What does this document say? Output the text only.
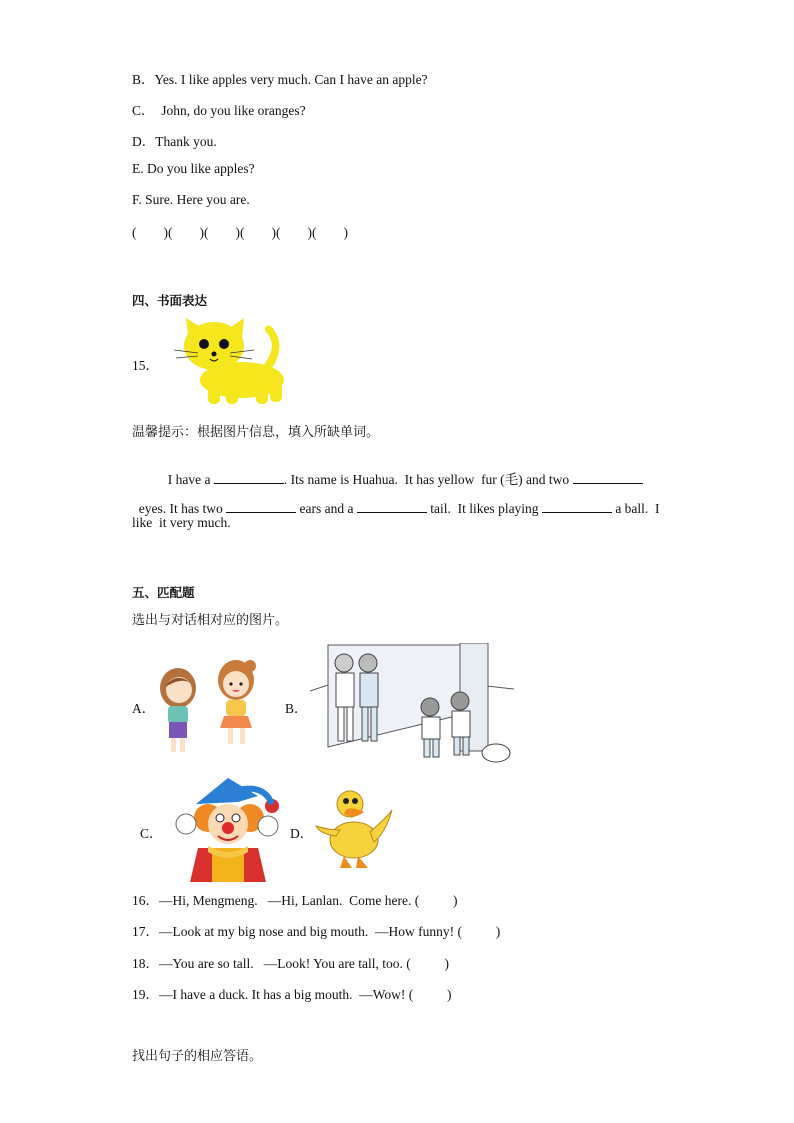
B．Yes. I like apples very much. Can I have an apple?
C．  John, do you like oranges?
D．Thank you.
E. Do you like apples?
F. Sure. Here you are.
(        )(        )(        )(        )(        )(        )
四、书面表达
15．
温馨提示：根据图片信息，填入所缺单词。

I have a	. Its name is Huahua.  It has yellow  fur (毛) and two

eyes. It has two	ears and a	tail.  It likes playing	a ball.  I

like  it very much.
五、匹配题
选出与对话相对应的图片。
A．	B．
C．	D．
16．—Hi, Mengmeng.   —Hi, Lanlan.  Come here. (          )
17．—Look at my big nose and big mouth.  —How funny! (          )
18．—You are so tall.   —Look! You are tall, too. (          )
19．—I have a duck. It has a big mouth.  —Wow! (          )
找出句子的相应答语。
